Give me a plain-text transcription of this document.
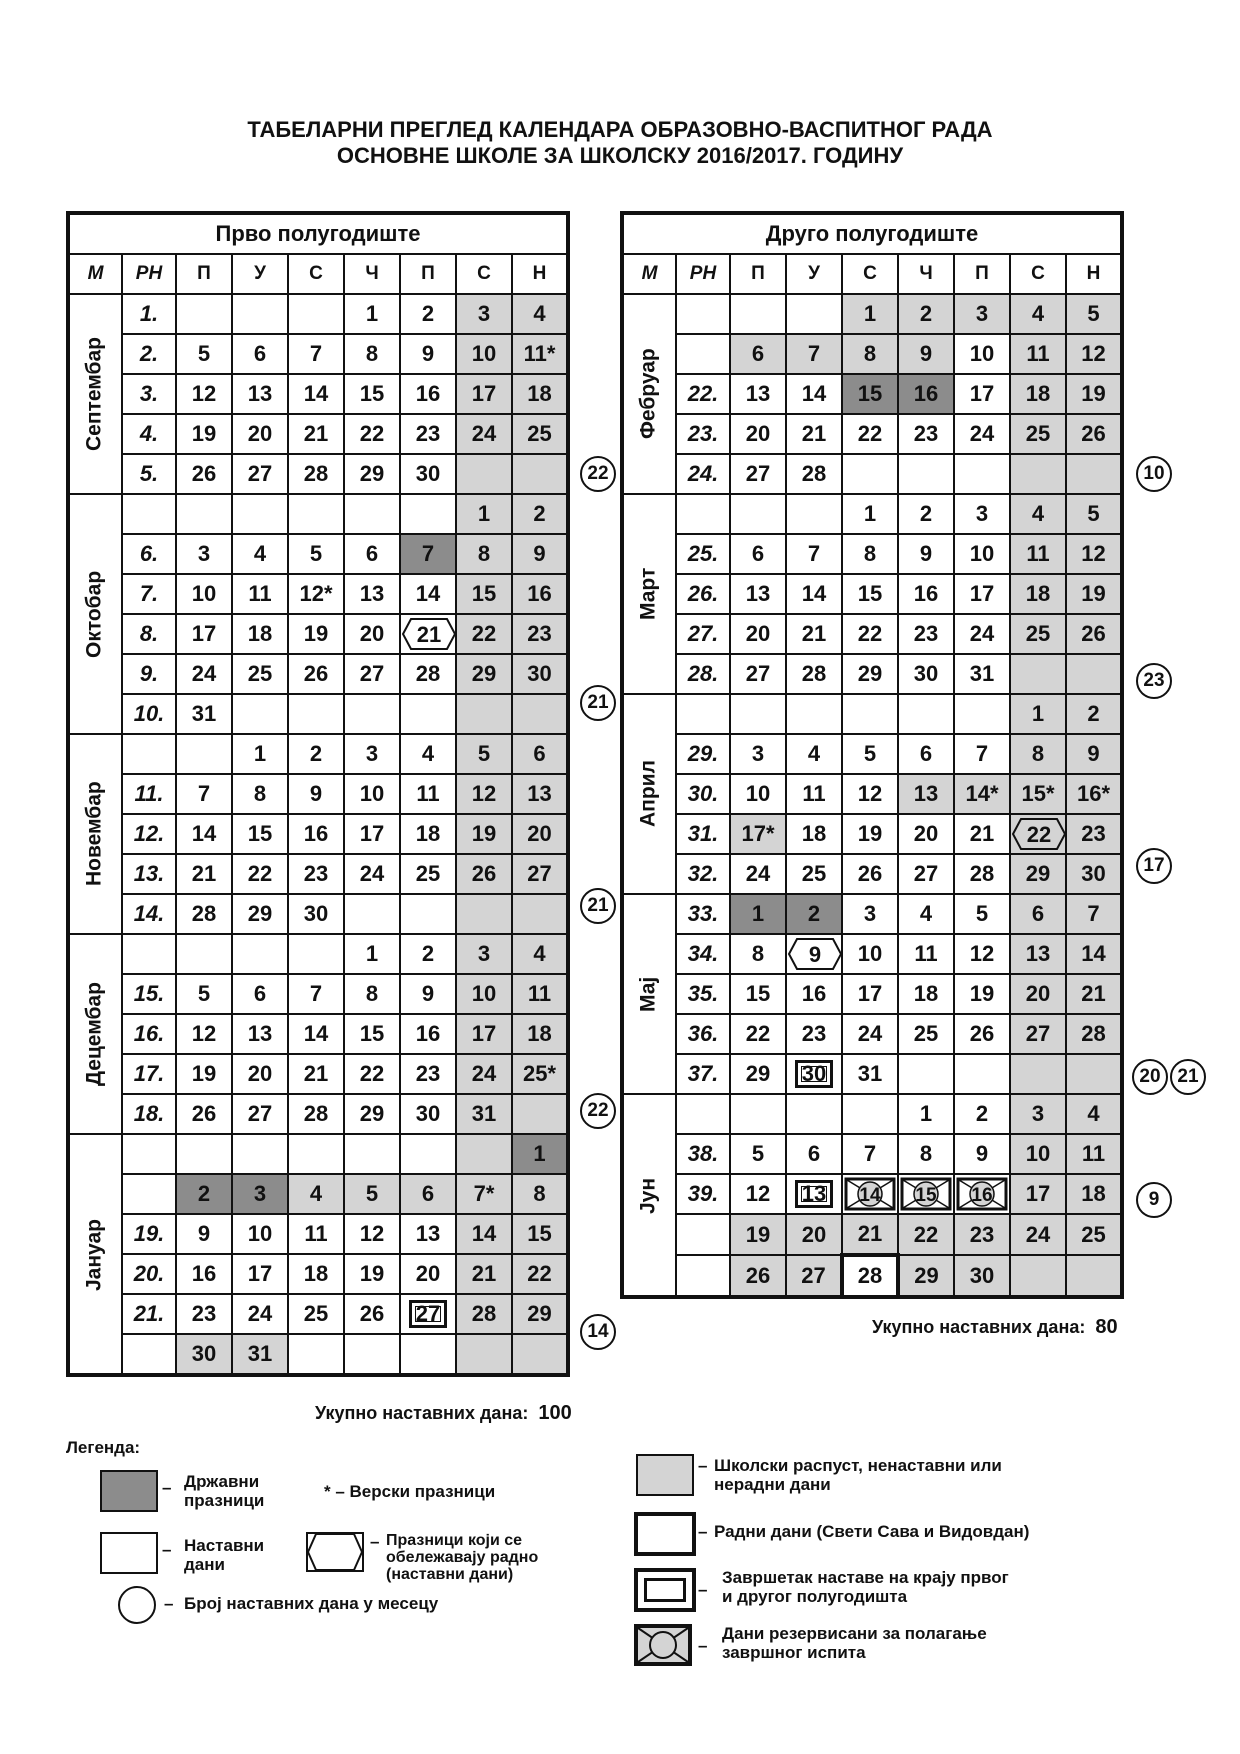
ТАБЕЛАРНИ ПРЕГЛЕД КАЛЕНДАРА ОБРАЗОВНО-ВАСПИТНОГ РАДА
ОСНОВНЕ ШКОЛЕ ЗА ШКОЛСКУ 2016/2017. ГОДИНУ
Прво полугодиште								
М	РН	П	У	С	Ч	П	С	Н
Септембар	1.				1	2	3	4
	2.	5	6	7	8	9	10	11*
	3.	12	13	14	15	16	17	18
	4.	19	20	21	22	23	24	25
	5.	26	27	28	29	30		
Октобар							1	2
	6.	3	4	5	6	7	8	9
	7.	10	11	12*	13	14	15	16
	8.	17	18	19	20	21	22	23
	9.	24	25	26	27	28	29	30
	10.	31						
Новембар			1	2	3	4	5	6
	11.	7	8	9	10	11	12	13
	12.	14	15	16	17	18	19	20
	13.	21	22	23	24	25	26	27
	14.	28	29	30				
Децембар					1	2	3	4
	15.	5	6	7	8	9	10	11
	16.	12	13	14	15	16	17	18
	17.	19	20	21	22	23	24	25*
	18.	26	27	28	29	30	31	
Јануар								1
		2	3	4	5	6	7*	8
	19.	9	10	11	12	13	14	15
	20.	16	17	18	19	20	21	22
	21.	23	24	25	26	27	28	29
		30	31					
Друго полугодиште								
М	РН	П	У	С	Ч	П	С	Н
Фебруар				1	2	3	4	5
		6	7	8	9	10	11	12
	22.	13	14	15	16	17	18	19
	23.	20	21	22	23	24	25	26
	24.	27	28					
Март				1	2	3	4	5
	25.	6	7	8	9	10	11	12
	26.	13	14	15	16	17	18	19
	27.	20	21	22	23	24	25	26
	28.	27	28	29	30	31		
Април							1	2
	29.	3	4	5	6	7	8	9
	30.	10	11	12	13	14*	15*	16*
	31.	17*	18	19	20	21	22	23
	32.	24	25	26	27	28	29	30
Мај	33.	1	2	3	4	5	6	7
	34.	8	9	10	11	12	13	14
	35.	15	16	17	18	19	20	21
	36.	22	23	24	25	26	27	28
	37.	29	30	31				
Јун					1	2	3	4
	38.	5	6	7	8	9	10	11
	39.	12	13	14	15	16	17	18
		19	20	21	22	23	24	25
		26	27	28	29	30		
Укупно наставних дана: 100
Укупно наставних дана: 80
Легенда:
– Државни празници	* – Верски празници
– Наставни дани
– Празници који се обележавају радно (наставни дани)
– Број наставних дана у месецу
– Школски распуст, ненаставни или нерадни дани
– Радни дани (Свети Сава и Видовдан)
–
Завршетак наставе на крају првог и другог полугодишта
–
Дани резервисани за полагање завршног испита
22
21
21
22
14
10
23
17
21
20
9
